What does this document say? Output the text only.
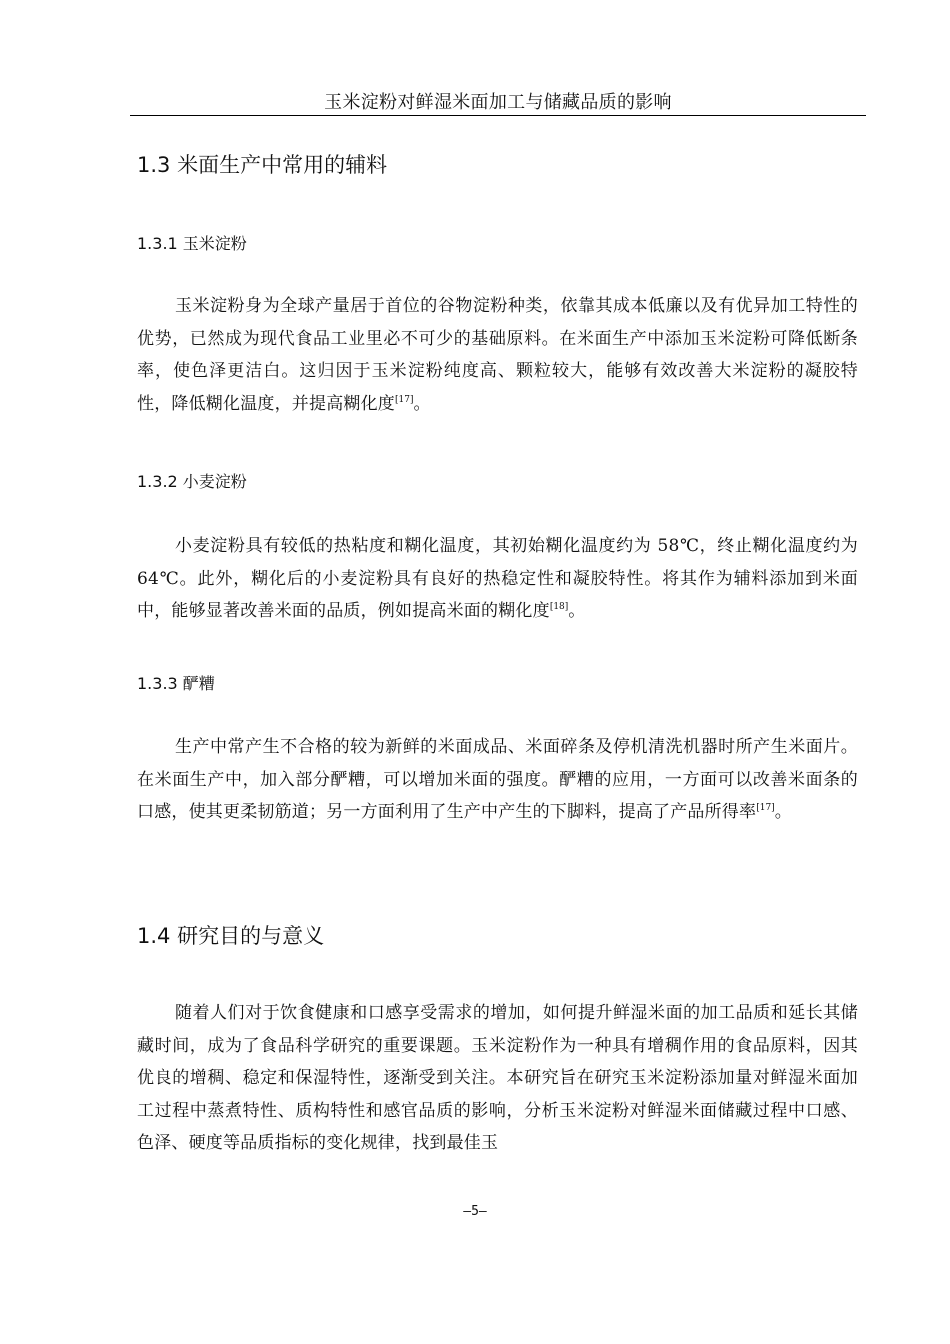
玉米淀粉对鲜湿米面加工与储藏品质的影响
1.3 米面生产中常用的辅料
1.3.1 玉米淀粉

玉米淀粉身为全球产量居于首位的谷物淀粉种类，依靠其成本低廉以及有优异加工特性的优势，已然成为现代食品工业里必不可少的基础原料。在米面生产中添加玉米淀粉可降低断条率，使色泽更洁白。这归因于玉米淀粉纯度高、颗粒较大，能够有效改善大米淀粉的凝胶特性，降低糊化温度，并提高糊化度[17]。

1.3.2 小麦淀粉

小麦淀粉具有较低的热粘度和糊化温度，其初始糊化温度约为 58℃，终止糊化温度约为 64℃。此外，糊化后的小麦淀粉具有良好的热稳定性和凝胶特性。将其作为辅料添加到米面中，能够显著改善米面的品质，例如提高米面的糊化度[18]。

1.3.3 酽糟

生产中常产生不合格的较为新鲜的米面成品、米面碎条及停机清洗机器时所产生米面片。在米面生产中，加入部分酽糟，可以增加米面的强度。酽糟的应用，一方面可以改善米面条的口感，使其更柔韧筋道；另一方面利用了生产中产生的下脚料，提高了产品所得率[17]。

1.4 研究目的与意义

随着人们对于饮食健康和口感享受需求的增加，如何提升鲜湿米面的加工品质和延长其储藏时间，成为了食品科学研究的重要课题。玉米淀粉作为一种具有增稠作用的食品原料，因其优良的增稠、稳定和保湿特性，逐渐受到关注。本研究旨在研究玉米淀粉添加量对鲜湿米面加工过程中蒸煮特性、质构特性和感官品质的影响，分析玉米淀粉对鲜湿米面储藏过程中口感、色泽、硬度等品质指标的变化规律，找到最佳玉

—5—
